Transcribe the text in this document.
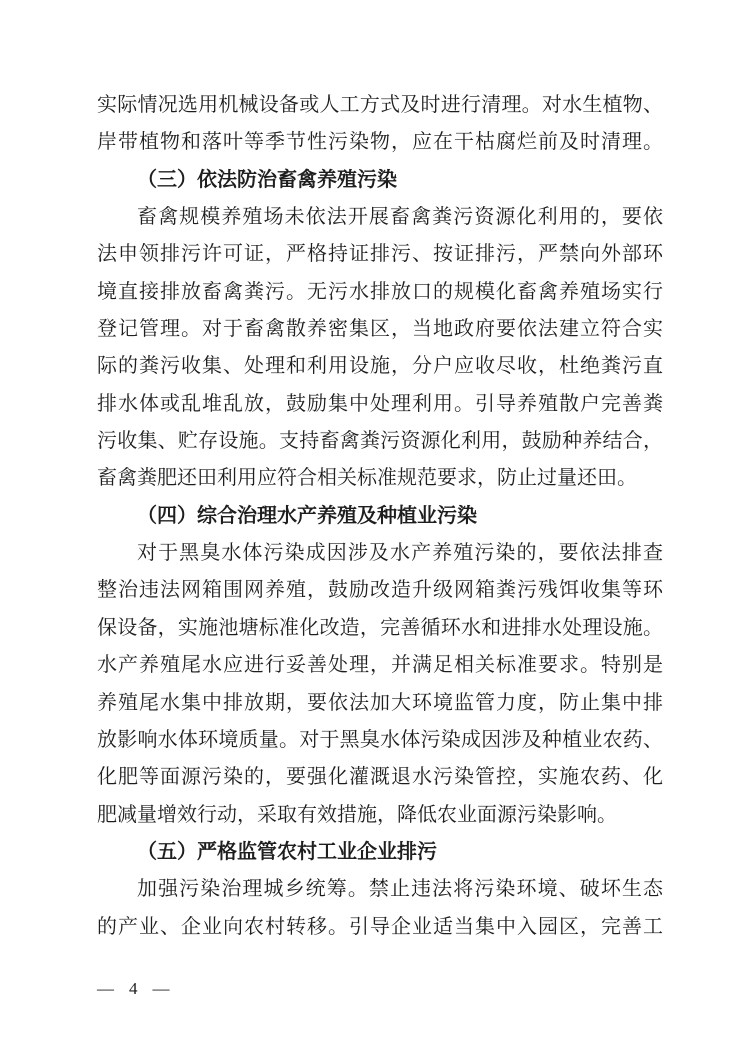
实际情况选用机械设备或人工方式及时进行清理。对水生植物、
岸带植物和落叶等季节性污染物，应在干枯腐烂前及时清理。
（三）依法防治畜禽养殖污染
畜禽规模养殖场未依法开展畜禽粪污资源化利用的，要依
法申领排污许可证，严格持证排污、按证排污，严禁向外部环
境直接排放畜禽粪污。无污水排放口的规模化畜禽养殖场实行
登记管理。对于畜禽散养密集区，当地政府要依法建立符合实
际的粪污收集、处理和利用设施，分户应收尽收，杜绝粪污直
排水体或乱堆乱放，鼓励集中处理利用。引导养殖散户完善粪
污收集、贮存设施。支持畜禽粪污资源化利用，鼓励种养结合，
畜禽粪肥还田利用应符合相关标准规范要求，防止过量还田。
（四）综合治理水产养殖及种植业污染
对于黑臭水体污染成因涉及水产养殖污染的，要依法排查
整治违法网箱围网养殖，鼓励改造升级网箱粪污残饵收集等环
保设备，实施池塘标准化改造，完善循环水和进排水处理设施。
水产养殖尾水应进行妥善处理，并满足相关标准要求。特别是
养殖尾水集中排放期，要依法加大环境监管力度，防止集中排
放影响水体环境质量。对于黑臭水体污染成因涉及种植业农药、
化肥等面源污染的，要强化灌溉退水污染管控，实施农药、化
肥减量增效行动，采取有效措施，降低农业面源污染影响。
（五）严格监管农村工业企业排污
加强污染治理城乡统筹。禁止违法将污染环境、破坏生态
的产业、企业向农村转移。引导企业适当集中入园区，完善工
— 4 —
